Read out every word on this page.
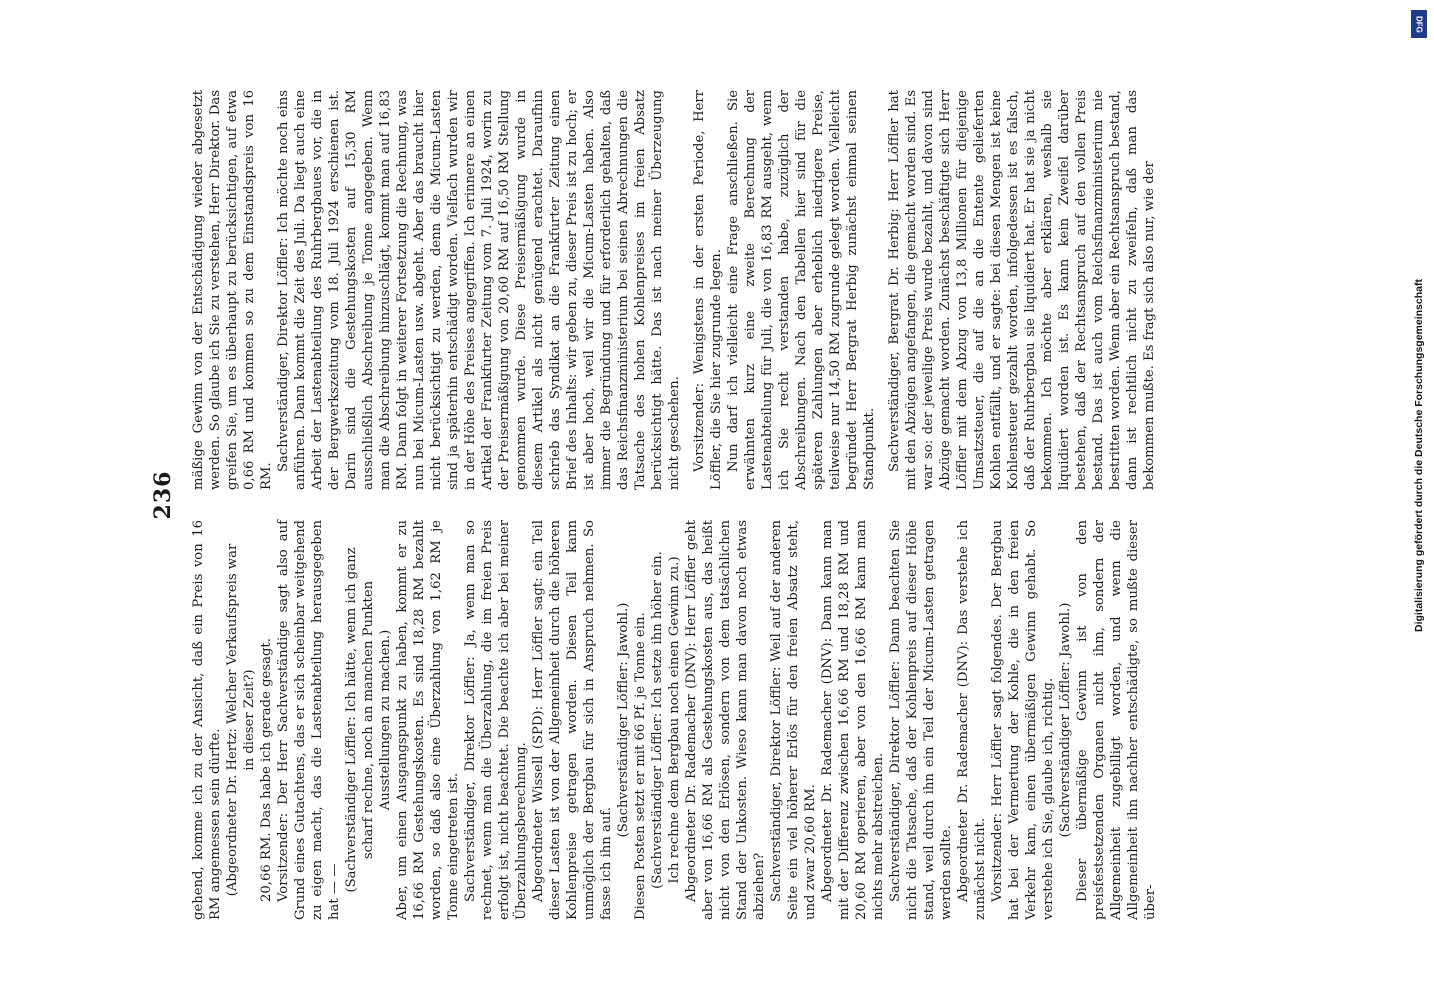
236

gehend, komme ich zu der Ansicht, daß ein Preis von 16 RM angemessen sein dürfte. (Abgeordneter Dr. Hertz: Welcher Verkaufspreis war in dieser Zeit?) 20,66 RM. Das habe ich gerade gesagt. Vorsitzender: Der Herr Sachverständige sagt also auf Grund eines Gutachtens, das er sich scheinbar weitgehend zu eigen macht, das die Lastenabteilung herausgegeben hat — — (Sachverständiger Löffler: Ich hätte, wenn ich ganz scharf rechne, noch an manchen Punkten Ausstellungen zu machen.) Aber, um einen Ausgangspunkt zu haben, kommt er zu 16,66 RM Gestehungskosten. Es sind 18,28 RM bezahlt worden, so daß also eine Überzahlung von 1,62 RM je Tonne eingetreten ist. Sachverständiger, Direktor Löffler: Ja, wenn man so rechnet, wenn man die Überzahlung, die im freien Preis erfolgt ist, nicht beachtet. Die beachte ich aber bei meiner Überzahlungsberechnung. Abgeordneter Wissell (SPD): Herr Löffler sagt: ein Teil dieser Lasten ist von der Allgemeinheit durch die höheren Kohlenpreise getragen worden. Diesen Teil kann unmöglich der Bergbau für sich in Anspruch nehmen. So fasse ich ihn auf.

(Sachverständiger Löffler: Jawohl.) Diesen Posten setzt er mit 66 Pf. je Tonne ein. (Sachverständiger Löffler: Ich setze ihn höher ein. Ich rechne dem Bergbau noch einen Gewinn zu.) Abgeordneter Dr. Rademacher (DNV): Herr Löffler geht aber von 16,66 RM als Gestehungskosten aus, das heißt nicht von den Erlösen, sondern von dem tatsächlichen Stand der Unkosten. Wieso kann man davon noch etwas abziehen? Sachverständiger, Direktor Löffler: Weil auf der anderen Seite ein viel höherer Erlös für den freien Absatz steht, und zwar 20,60 RM. Abgeordneter Dr. Rademacher (DNV): Dann kann man mit der Differenz zwischen 16,66 RM und 18,28 RM und 20,60 RM operieren, aber von den 16,66 RM kann man nichts mehr abstreichen. Sachverständiger, Direktor Löffler: Dann beachten Sie nicht die Tatsache, daß der Kohlenpreis auf dieser Höhe stand, weil durch ihn ein Teil der Micum-Lasten getragen werden sollte. Abgeordneter Dr. Rademacher (DNV): Das verstehe ich zunächst nicht. Vorsitzender: Herr Löffler sagt folgendes. Der Bergbau hat bei der Vermertung der Kohle, die in den freien Verkehr kam, einen übermäßigen Gewinn gehabt. So verstehe ich Sie, glaube ich, richtig. (Sachverständiger Löffler: Jawohl.) Dieser übermäßige Gewinn ist von den preisfestsetzenden Organen nicht ihm, sondern der Allgemeinheit zugebilligt worden, und wenn die Allgemeinheit ihn nachher entschädigte, so mußte dieser über-

mäßige Gewinn von der Entschädigung wieder abgesetzt werden. So glaube ich Sie zu verstehen, Herr Direktor. Das greifen Sie, um es überhaupt zu berücksichtigen, auf etwa 0,66 RM und kommen so zu dem Einstandspreis von 16 RM.

Sachverständiger, Direktor Löffler: Ich möchte noch eins anführen. Dann kommt die Zeit des Juli. Da liegt auch eine Arbeit der Lastenabteilung des Ruhrbergbaues vor, die in der Bergwerkszeitung vom 18. Juli 1924 erschienen ist. Darin sind die Gestehungskosten auf 15,30 RM ausschließlich Abschreibung je Tonne angegeben. Wenn man die Abschreibung hinzuschlägt, kommt man auf 16,83 RM. Dann folgt in weiterer Fortsetzung die Rechnung, was nun bei Micum-Lasten usw. abgeht. Aber das braucht hier nicht berücksichtigt zu werden, denn die Micum-Lasten sind ja späterhin entschädigt worden. Vielfach wurden wir in der Höhe des Preises angegriffen. Ich erinnere an einen Artikel der Frankfurter Zeitung vom 7. Juli 1924, worin zu der Preisermäßigung von 20,60 RM auf 16,50 RM Stellung genommen wurde. Diese Preisermäßigung wurde in diesem Artikel als nicht genügend erachtet. Daraufhin schrieb das Syndikat an die Frankfurter Zeitung einen Brief des Inhalts: wir geben zu, dieser Preis ist zu hoch; er ist aber hoch, weil wir die Micum-Lasten haben. Also immer die Begründung und für erforderlich gehalten, daß das Reichsfinanzministerium bei seinen Abrechnungen die Tatsache des hohen Kohlenpreises im freien Absatz berücksichtigt hätte. Das ist nach meiner Überzeugung nicht geschehen. Vorsitzender: Wenigstens in der ersten Periode, Herr Löffler, die Sie hier zugrunde legen. Nun darf ich vielleicht eine Frage anschließen. Sie erwähnten kurz eine zweite Berechnung der Lastenabteilung für Juli, die von 16,83 RM ausgeht, wenn ich Sie recht verstanden habe, zuzüglich der Abschreibungen. Nach den Tabellen hier sind für die späteren Zahlungen aber erheblich niedrigere Preise, teilweise nur 14,50 RM zugrunde gelegt worden. Vielleicht begründet Herr Bergrat Herbig zunächst einmal seinen Standpunkt. Sachverständiger, Bergrat Dr. Herbig: Herr Löffler hat mit den Abzügen angefangen, die gemacht worden sind. Es war so: der jeweilige Preis wurde bezahlt, und davon sind Abzüge gemacht worden. Zunächst beschäftigte sich Herr Löffler mit dem Abzug von 13,8 Millionen für diejenige Umsatzsteuer, die auf die an die Entente gelieferten Kohlen entfällt, und er sagte: bei diesen Mengen ist keine Kohlensteuer gezahlt worden, infolgedessen ist es falsch, daß der Ruhrbergbau sie liquidiert hat. Er hat sie ja nicht bekommen. Ich möchte aber erklären, weshalb sie liquidiert worden ist. Es kann kein Zweifel darüber bestehen, daß der Rechtsanspruch auf den vollen Preis bestand. Das ist auch vom Reichsfinanzministerium nie bestritten worden. Wenn aber ein Rechtsanspruch bestand, dann ist rechtlich nicht zu zweifeln, daß man das bekommen mußte. Es fragt sich also nur, wie der	Digitalisierung gefördert durch die Deutsche Forschungsgemeinschaft
DFG
